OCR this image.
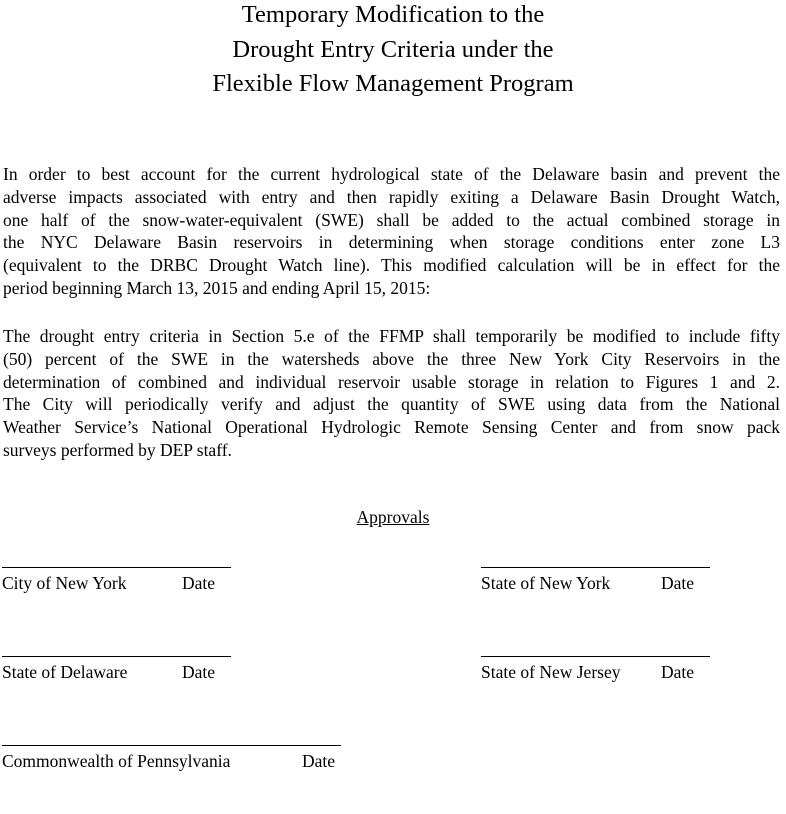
Temporary Modification to the
Drought Entry Criteria under the
Flexible Flow Management Program
In order to best account for the current hydrological state of the Delaware basin and prevent the
adverse impacts associated with entry and then rapidly exiting a Delaware Basin Drought Watch,
one half of the snow-water-equivalent (SWE) shall be added to the actual combined storage in
the NYC Delaware Basin reservoirs in determining when storage conditions enter zone L3
(equivalent to the DRBC Drought Watch line). This modified calculation will be in effect for the
period beginning March 13, 2015 and ending April 15, 2015:
The drought entry criteria in Section 5.e of the FFMP shall temporarily be modified to include fifty
(50) percent of the SWE in the watersheds above the three New York City Reservoirs in the
determination of combined and individual reservoir usable storage in relation to Figures 1 and 2.
The City will periodically verify and adjust the quantity of SWE using data from the National
Weather Service’s National Operational Hydrologic Remote Sensing Center and from snow pack
surveys performed by DEP staff.
Approvals
City of New York	Date	State of New York	Date
State of Delaware	Date	State of New Jersey Date
Commonwealth of Pennsylvania	Date
